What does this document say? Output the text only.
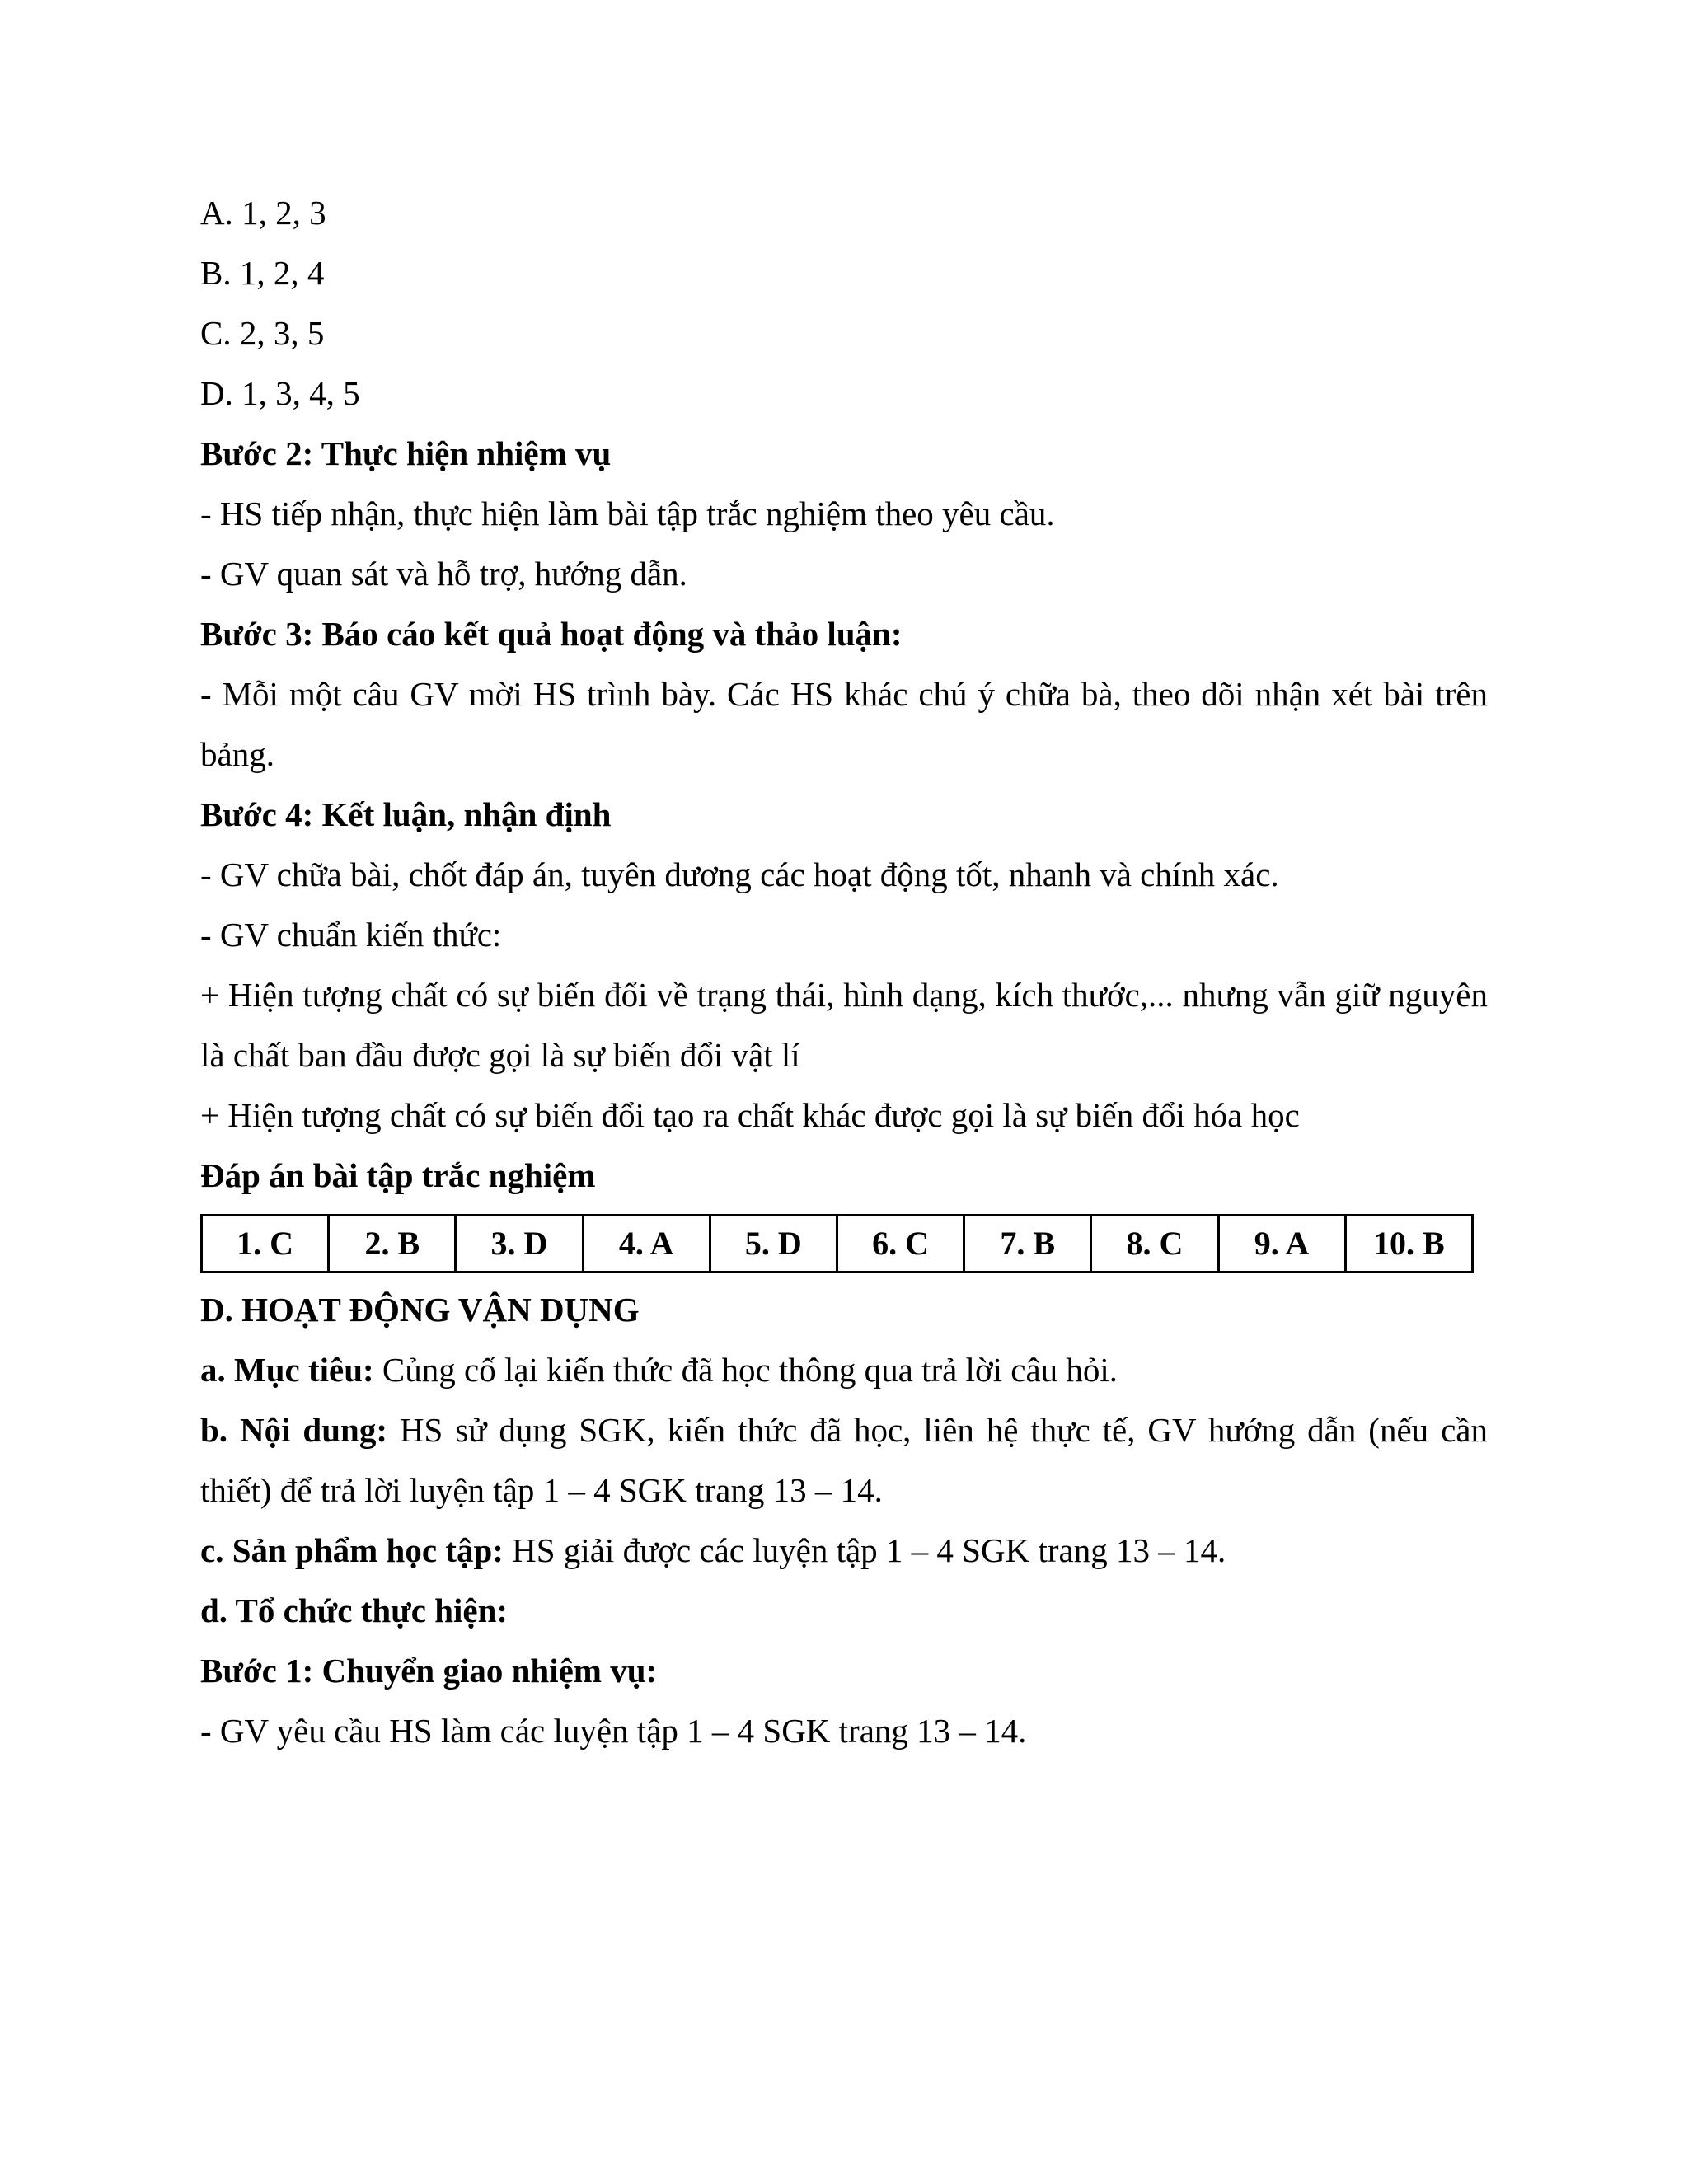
A. 1, 2, 3
B. 1, 2, 4
C. 2, 3, 5
D. 1, 3, 4, 5
Bước 2: Thực hiện nhiệm vụ
- HS tiếp nhận, thực hiện làm bài tập trắc nghiệm theo yêu cầu.
- GV quan sát và hỗ trợ, hướng dẫn.
Bước 3: Báo cáo kết quả hoạt động và thảo luận:
- Mỗi một câu GV mời HS trình bày. Các HS khác chú ý chữa bà, theo dõi nhận xét bài trên bảng.
Bước 4: Kết luận, nhận định
- GV chữa bài, chốt đáp án, tuyên dương các hoạt động tốt, nhanh và chính xác.
- GV chuẩn kiến thức:
+ Hiện tượng chất có sự biến đổi về trạng thái, hình dạng, kích thước,... nhưng vẫn giữ nguyên là chất ban đầu được gọi là sự biến đổi vật lí
+ Hiện tượng chất có sự biến đổi tạo ra chất khác được gọi là sự biến đổi hóa học
Đáp án bài tập trắc nghiệm
1. C	2. B	3. D	4. A	5. D	6. C	7. B	8. C	9. A	10. B
D. HOẠT ĐỘNG VẬN DỤNG
a. Mục tiêu: Củng cố lại kiến thức đã học thông qua trả lời câu hỏi.
b. Nội dung: HS sử dụng SGK, kiến thức đã học, liên hệ thực tế, GV hướng dẫn (nếu cần thiết) để trả lời luyện tập 1 – 4 SGK trang 13 – 14.
c. Sản phẩm học tập: HS giải được các luyện tập 1 – 4 SGK trang 13 – 14.
d. Tổ chức thực hiện:
Bước 1: Chuyển giao nhiệm vụ:
- GV yêu cầu HS làm các luyện tập 1 – 4 SGK trang 13 – 14.
